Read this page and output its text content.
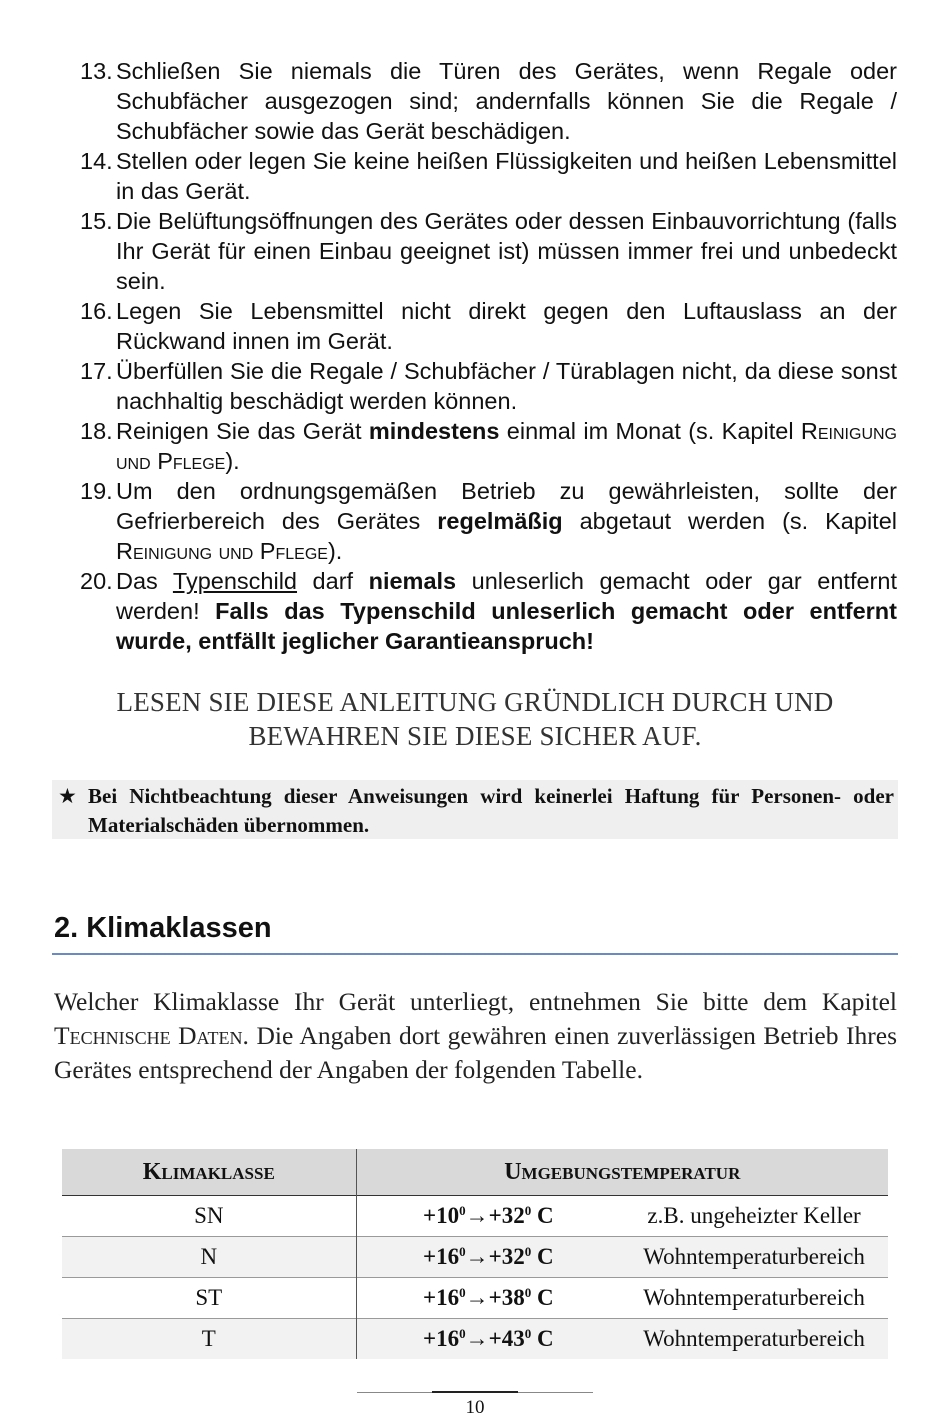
13. Schließen Sie niemals die Türen des Gerätes, wenn Regale oder Schubfächer ausgezogen sind; andernfalls können Sie die Regale / Schubfächer sowie das Gerät beschädigen.
14. Stellen oder legen Sie keine heißen Flüssigkeiten und heißen Lebensmittel in das Gerät.
15. Die Belüftungsöffnungen des Gerätes oder dessen Einbauvorrichtung (falls Ihr Gerät für einen Einbau geeignet ist) müssen immer frei und unbedeckt sein.
16. Legen Sie Lebensmittel nicht direkt gegen den Luftauslass an der Rückwand innen im Gerät.
17. Überfüllen Sie die Regale / Schubfächer / Türablagen nicht, da diese sonst nachhaltig beschädigt werden können.
18. Reinigen Sie das Gerät mindestens einmal im Monat (s. Kapitel Reinigung und Pflege).
19. Um den ordnungsgemäßen Betrieb zu gewährleisten, sollte der Gefrierbereich des Gerätes regelmäßig abgetaut werden (s. Kapitel Reinigung und Pflege).
20. Das Typenschild darf niemals unleserlich gemacht oder gar entfernt werden! Falls das Typenschild unleserlich gemacht oder entfernt wurde, entfällt jeglicher Garantieanspruch!
LESEN SIE DIESE ANLEITUNG GRÜNDLICH DURCH UND
BEWAHREN SIE DIESE SICHER AUF.
★ Bei Nichtbeachtung dieser Anweisungen wird keinerlei Haftung für Personen- oder Materialschäden übernommen.
2. Klimaklassen
Welcher Klimaklasse Ihr Gerät unterliegt, entnehmen Sie bitte dem Kapitel Technische Daten. Die Angaben dort gewähren einen zuverlässigen Betrieb Ihres Gerätes entsprechend der Angaben der folgenden Tabelle.
Klimaklasse	Umgebungstemperatur	
SN	$+10^0\to+32^0$ C	z.B. ungeheizter Keller
N	$+16^0\to+32^0$ C	Wohntemperaturbereich
ST	$+16^0\to+38^0$ C	Wohntemperaturbereich
T	$+16^0\to+43^0$ C	Wohntemperaturbereich
10
